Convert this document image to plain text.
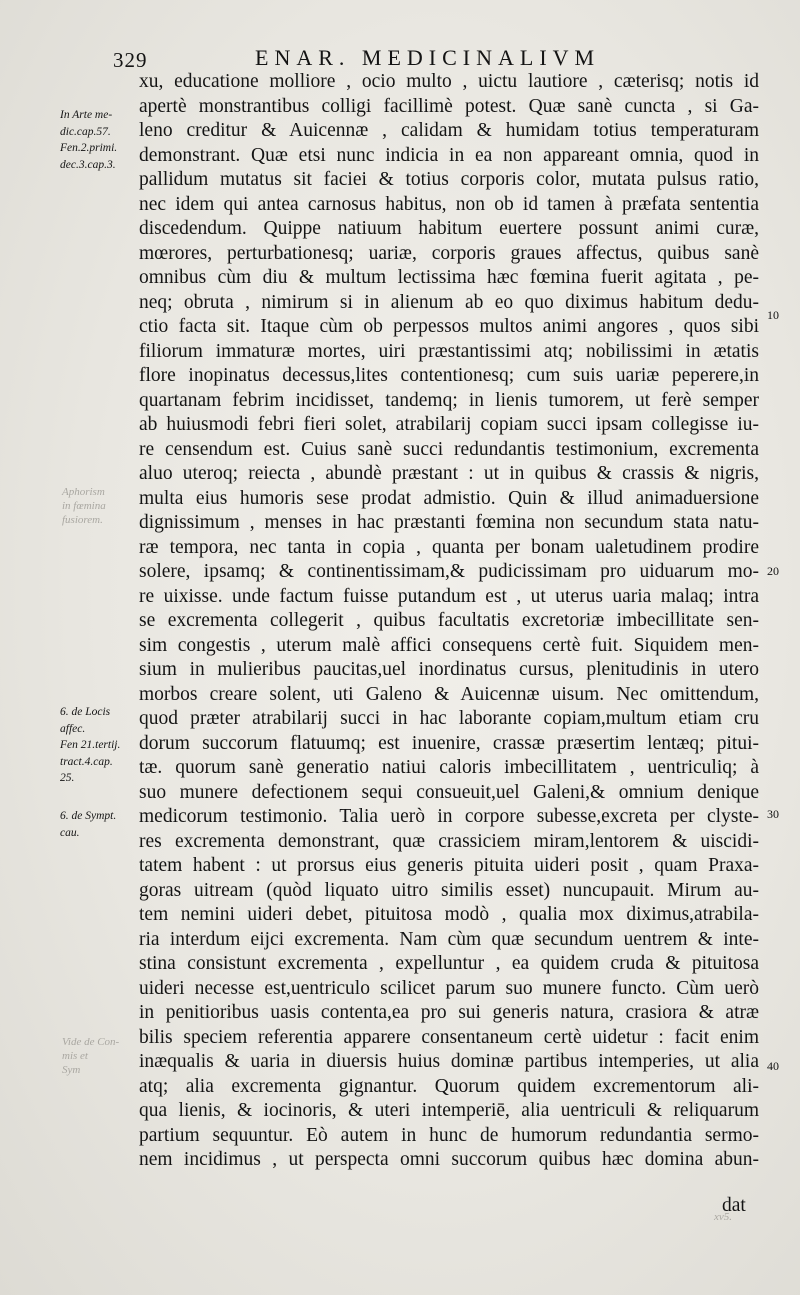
Aphorism
in fœmina
fusiorem.
Vide de Con-
mis et
Sym
xv5.
329	ENAR. MEDICINALIVM
In Arte me-
dic.cap.57.
Fen.2.primi.
dec.3.cap.3.
6. de Locis
affec.
Fen 21.tertij.
tract.4.cap.
25.
6. de Sympt.
cau.
10
20
30
40
xu, educatione molliore , ocio multo , uictu lautiore , cæterisq; notis id
apertè monstrantibus colligi facillimè potest. Quæ sanè cuncta , si Ga-
leno creditur & Auicennæ , calidam & humidam totius temperaturam
demonstrant. Quæ etsi nunc indicia in ea non appareant omnia, quod in
pallidum mutatus sit faciei & totius corporis color, mutata pulsus ratio,
nec idem qui antea carnosus habitus, non ob id tamen à præfata sententia
discedendum. Quippe natiuum habitum euertere possunt animi curæ,
mœrores, perturbationesq; uariæ, corporis graues affectus, quibus sanè
omnibus cùm diu & multum lectissima hæc fœmina fuerit agitata , pe-
neq; obruta , nimirum si in alienum ab eo quo diximus habitum dedu-
ctio facta sit. Itaque cùm ob perpessos multos animi angores , quos sibi
filiorum immaturæ mortes, uiri præstantissimi atq; nobilissimi in ætatis
flore inopinatus decessus,lites contentionesq; cum suis uariæ peperere,in
quartanam febrim incidisset, tandemq; in lienis tumorem, ut ferè semper
ab huiusmodi febri fieri solet, atrabilarij copiam succi ipsam collegisse iu-
re censendum est. Cuius sanè succi redundantis testimonium, excrementa
aluo uteroq; reiecta , abundè præstant : ut in quibus & crassis & nigris,
multa eius humoris sese prodat admistio. Quin & illud animaduersione
dignissimum , menses in hac præstanti fœmina non secundum stata natu-
ræ tempora, nec tanta in copia , quanta per bonam ualetudinem prodire
solere, ipsamq; & continentissimam,& pudicissimam pro uiduarum mo-
re uixisse. unde factum fuisse putandum est , ut uterus uaria malaq; intra
se excrementa collegerit , quibus facultatis excretoriæ imbecillitate sen-
sim congestis , uterum malè affici consequens certè fuit. Siquidem men-
sium in mulieribus paucitas,uel inordinatus cursus, plenitudinis in utero
morbos creare solent, uti Galeno & Auicennæ uisum. Nec omittendum,
quod præter atrabilarij succi in hac laborante copiam,multum etiam cru
dorum succorum flatuumq; est inuenire, crassæ præsertim lentæq; pitui-
tæ. quorum sanè generatio natiui caloris imbecillitatem , uentriculiq; à
suo munere defectionem sequi consueuit,uel Galeni,& omnium denique
medicorum testimonio. Talia uerò in corpore subesse,excreta per clyste-
res excrementa demonstrant, quæ crassiciem miram,lentorem & uiscidi-
tatem habent : ut prorsus eius generis pituita uideri posit , quam Praxa-
goras uitream (quòd liquato uitro similis esset) nuncupauit. Mirum au-
tem nemini uideri debet, pituitosa modò , qualia mox diximus,atrabila-
ria interdum eijci excrementa. Nam cùm quæ secundum uentrem & inte-
stina consistunt excrementa , expelluntur , ea quidem cruda & pituitosa
uideri necesse est,uentriculo scilicet parum suo munere functo. Cùm uerò
in penitioribus uasis contenta,ea pro sui generis natura, crasiora & atræ
bilis speciem referentia apparere consentaneum certè uidetur : facit enim
inæqualis & uaria in diuersis huius dominæ partibus intemperies, ut alia
atq; alia excrementa gignantur. Quorum quidem excrementorum ali-
qua lienis, & iocinoris, & uteri intemperiē, alia uentriculi & reliquarum
partium sequuntur. Eò autem in hunc de humorum redundantia sermo-
nem incidimus , ut perspecta omni succorum quibus hæc domina abun-
dat
